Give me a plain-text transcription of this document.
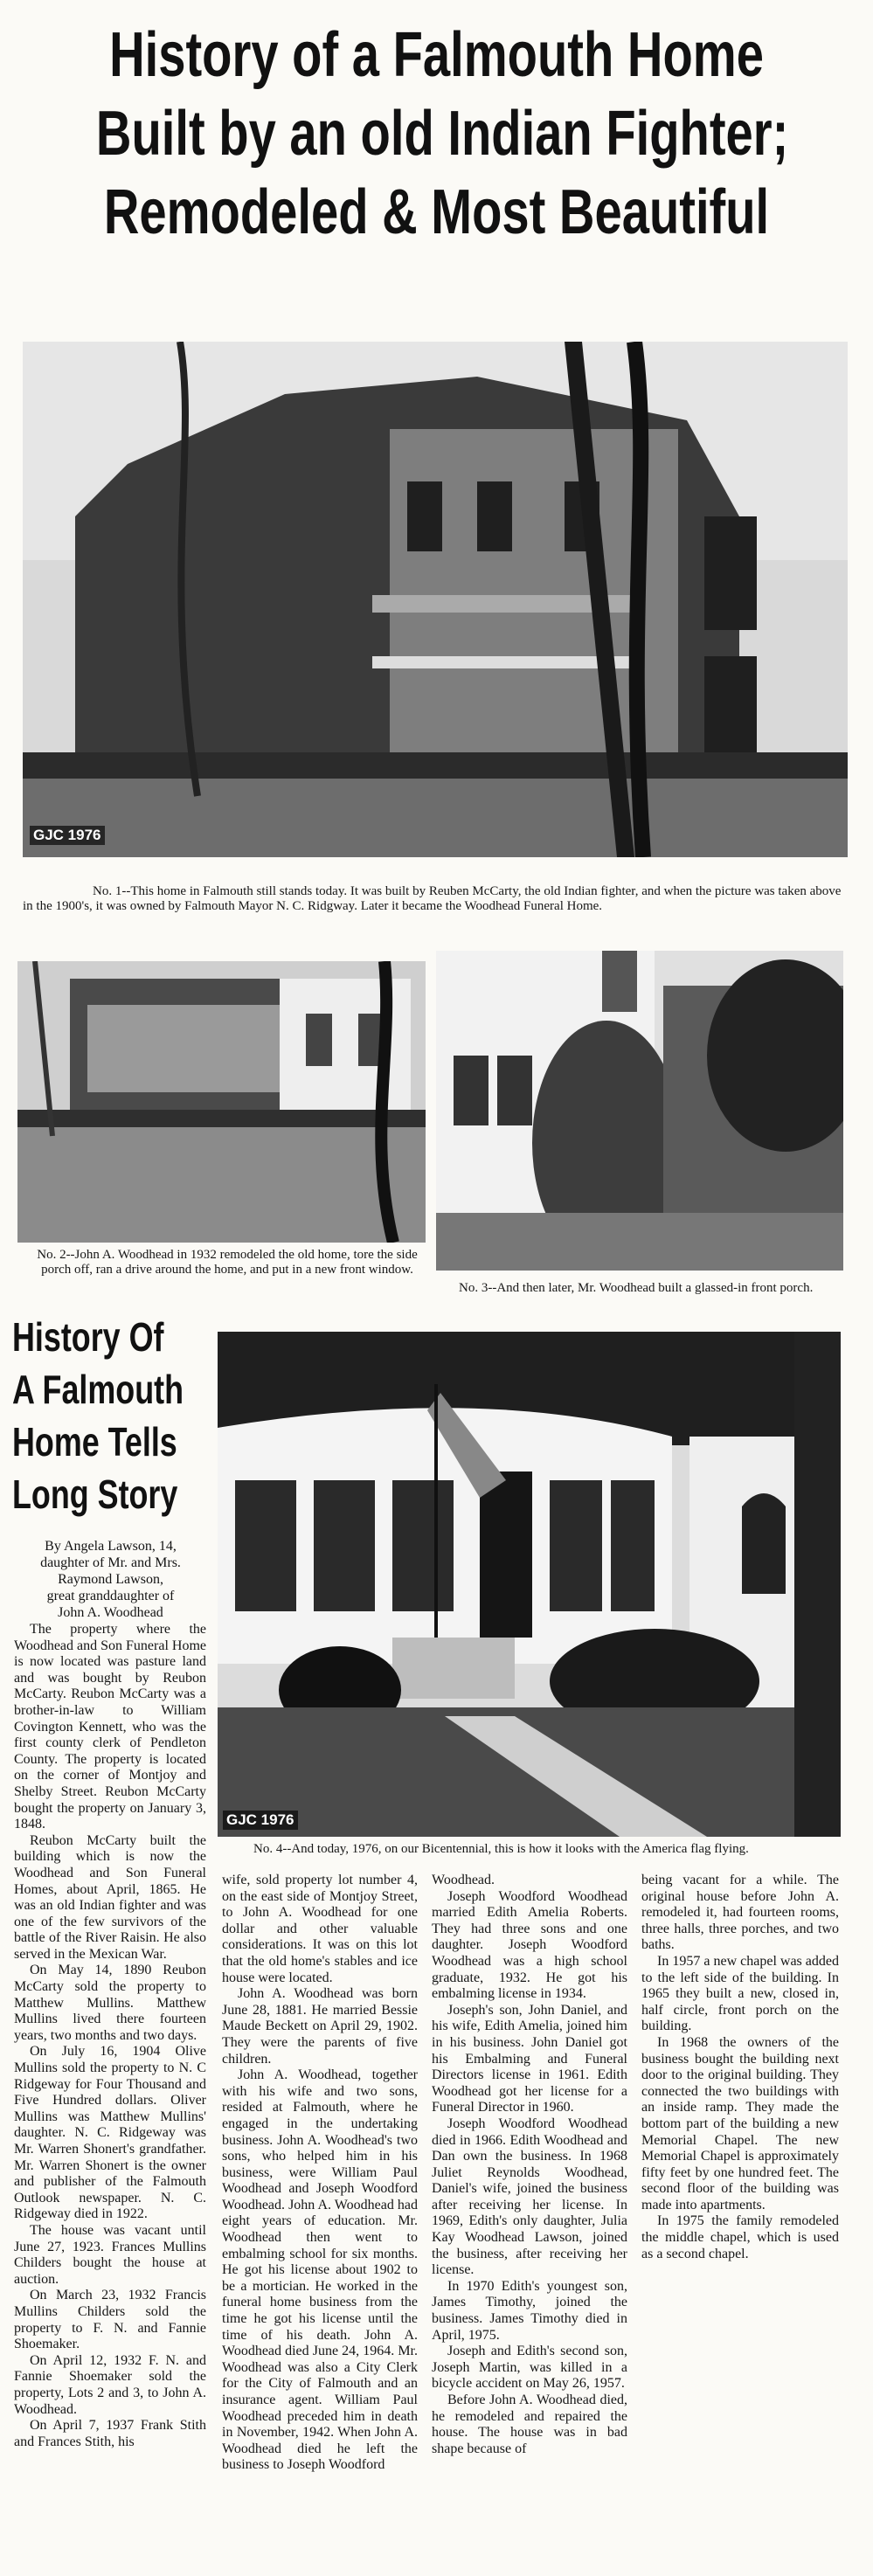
History of a Falmouth Home
Built by an old Indian Fighter;
Remodeled & Most Beautiful
GJC 1976
No. 1--This home in Falmouth still stands today. It was built by Reuben McCarty, the old Indian fighter, and when the picture was taken above in the 1900's, it was owned by Falmouth Mayor N. C. Ridgway. Later it became the Woodhead Funeral Home.
No. 2--John A. Woodhead in 1932 remodeled the old home, tore the side porch off, ran a drive around the home, and put in a new front window.
No. 3--And then later, Mr. Woodhead built a glassed-in front porch.
History Of
A Falmouth
Home Tells
Long Story
By Angela Lawson, 14,
daughter of Mr. and Mrs.
Raymond Lawson,
great granddaughter of
John A. Woodhead
GJC 1976
No. 4--And today, 1976, on our Bicentennial, this is how it looks with the America flag flying.

The property where the Woodhead and Son Funeral Home is now located was pasture land and was bought by Reubon McCarty. Reubon McCarty was a brother-in-law to William Covington Kennett, who was the first county clerk of Pendleton County. The property is located on the corner of Montjoy and Shelby Street. Reubon McCarty bought the property on January 3, 1848.

Reubon McCarty built the building which is now the Woodhead and Son Funeral Homes, about April, 1865. He was an old Indian fighter and was one of the few survivors of the battle of the River Raisin. He also served in the Mexican War.

On May 14, 1890 Reubon McCarty sold the property to Matthew Mullins. Matthew Mullins lived there fourteen years, two months and two days.

On July 16, 1904 Olive Mullins sold the property to N. C Ridgeway for Four Thousand and Five Hundred dollars. Oliver Mullins was Matthew Mullins' daughter. N. C. Ridgeway was Mr. Warren Shonert's grandfather. Mr. Warren Shonert is the owner and publisher of the Falmouth Outlook newspaper. N. C. Ridgeway died in 1922.

The house was vacant until June 27, 1923. Frances Mullins Childers bought the house at auction.

On March 23, 1932 Francis Mullins Childers sold the property to F. N. and Fannie Shoemaker.

On April 12, 1932 F. N. and Fannie Shoemaker sold the property, Lots 2 and 3, to John A. Woodhead.

On April 7, 1937 Frank Stith and Frances Stith, his

wife, sold property lot number 4, on the east side of Montjoy Street, to John A. Woodhead for one dollar and other valuable considerations. It was on this lot that the old home's stables and ice house were located.

John A. Woodhead was born June 28, 1881. He married Bessie Maude Beckett on April 29, 1902. They were the parents of five children.

John A. Woodhead, together with his wife and two sons, resided at Falmouth, where he engaged in the undertaking business. John A. Woodhead's two sons, who helped him in his business, were William Paul Woodhead and Joseph Woodford Woodhead. John A. Woodhead had eight years of education. Mr. Woodhead then went to embalming school for six months. He got his license about 1902 to be a mortician. He worked in the funeral home business from the time he got his license until the time of his death. John A. Woodhead died June 24, 1964. Mr. Woodhead was also a City Clerk for the City of Falmouth and an insurance agent. William Paul Woodhead preceded him in death in November, 1942. When John A. Woodhead died he left the business to Joseph Woodford

Woodhead.

Joseph Woodford Woodhead married Edith Amelia Roberts. They had three sons and one daughter. Joseph Woodford Woodhead was a high school graduate, 1932. He got his embalming license in 1934.

Joseph's son, John Daniel, and his wife, Edith Amelia, joined him in his business. John Daniel got his Embalming and Funeral Directors license in 1961. Edith Woodhead got her license for a Funeral Director in 1960.

Joseph Woodford Woodhead died in 1966. Edith Woodhead and Dan own the business. In 1968 Juliet Reynolds Woodhead, Daniel's wife, joined the business after receiving her license. In 1969, Edith's only daughter, Julia Kay Woodhead Lawson, joined the business, after receiving her license.

In 1970 Edith's youngest son, James Timothy, joined the business. James Timothy died in April, 1975.

Joseph and Edith's second son, Joseph Martin, was killed in a bicycle accident on May 26, 1957.

Before John A. Woodhead died, he remodeled and repaired the house. The house was in bad shape because of

being vacant for a while. The original house before John A. remodeled it, had fourteen rooms, three halls, three porches, and two baths.

In 1957 a new chapel was added to the left side of the building. In 1965 they built a new, closed in, half circle, front porch on the building.

In 1968 the owners of the business bought the building next door to the original building. They connected the two buildings with an inside ramp. They made the bottom part of the building a new Memorial Chapel. The new Memorial Chapel is approximately fifty feet by one hundred feet. The second floor of the building was made into apartments.

In 1975 the family remodeled the middle chapel, which is used as a second chapel.
